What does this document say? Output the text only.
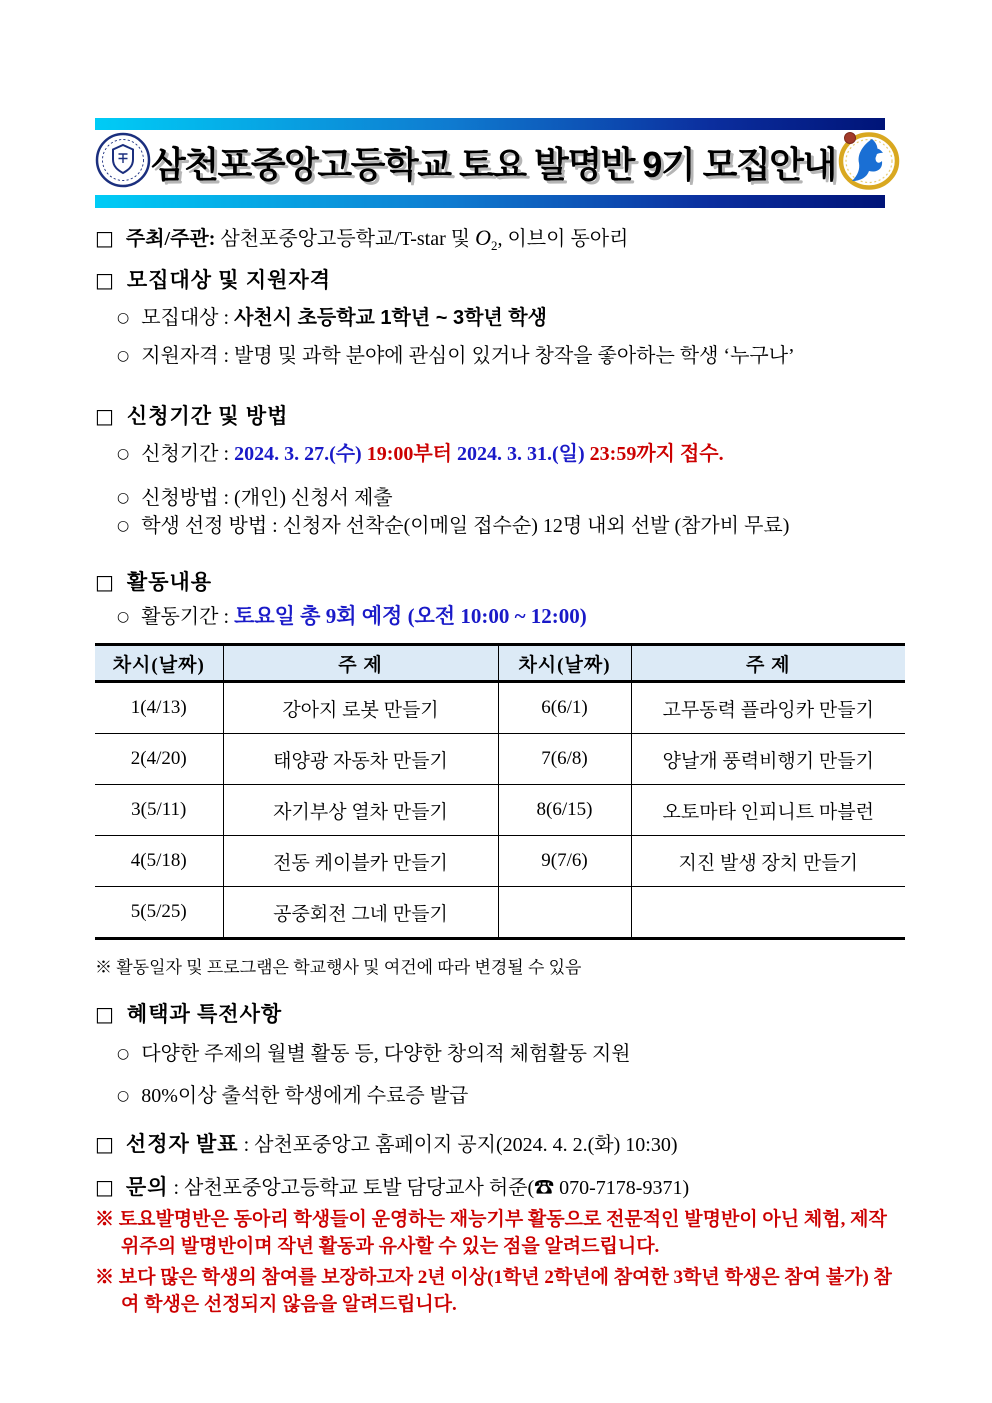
삼천포중앙고등학교 토요 발명반 9기 모집안내
□ 주최/주관: 삼천포중앙고등학교/T-star 및 $O_2$, 이브이 동아리
□ 모집대상 및 지원자격
○ 모집대상 : 사천시 초등학교 1학년 ~ 3학년 학생
○ 지원자격 : 발명 및 과학 분야에 관심이 있거나 창작을 좋아하는 학생 ‘누구나’
□ 신청기간 및 방법
○ 신청기간 : 2024. 3. 27.(수) 19:00부터 2024. 3. 31.(일) 23:59까지 접수.
○ 신청방법 : (개인) 신청서 제출
○ 학생 선정 방법 : 신청자 선착순(이메일 접수순) 12명 내외 선발 (참가비 무료)
□ 활동내용
○ 활동기간 : 토요일 총 9회 예정 (오전 10:00 ~ 12:00)
차시(날짜)	주 제	차시(날짜)	주 제
1(4/13)	강아지 로봇 만들기	6(6/1)	고무동력 플라잉카 만들기
2(4/20)	태양광 자동차 만들기	7(6/8)	양날개 풍력비행기 만들기
3(5/11)	자기부상 열차 만들기	8(6/15)	오토마타 인피니트 마블런
4(5/18)	전동 케이블카 만들기	9(7/6)	지진 발생 장치 만들기
5(5/25)	공중회전 그네 만들기		
※ 활동일자 및 프로그램은 학교행사 및 여건에 따라 변경될 수 있음
□ 혜택과 특전사항
○ 다양한 주제의 월별 활동 등, 다양한 창의적 체험활동 지원
○ 80%이상 출석한 학생에게 수료증 발급
□ 선정자 발표 : 삼천포중앙고 홈페이지 공지(2024. 4. 2.(화) 10:30)
□ 문의 : 삼천포중앙고등학교 토발 담당교사 허준(☎ 070-7178-9371)
※ 토요발명반은 동아리 학생들이 운영하는 재능기부 활동으로 전문적인 발명반이 아닌 체험, 제작 위주의 발명반이며 작년 활동과 유사할 수 있는 점을 알려드립니다.
※ 보다 많은 학생의 참여를 보장하고자 2년 이상(1학년 2학년에 참여한 3학년 학생은 참여 불가) 참여 학생은 선정되지 않음을 알려드립니다.
